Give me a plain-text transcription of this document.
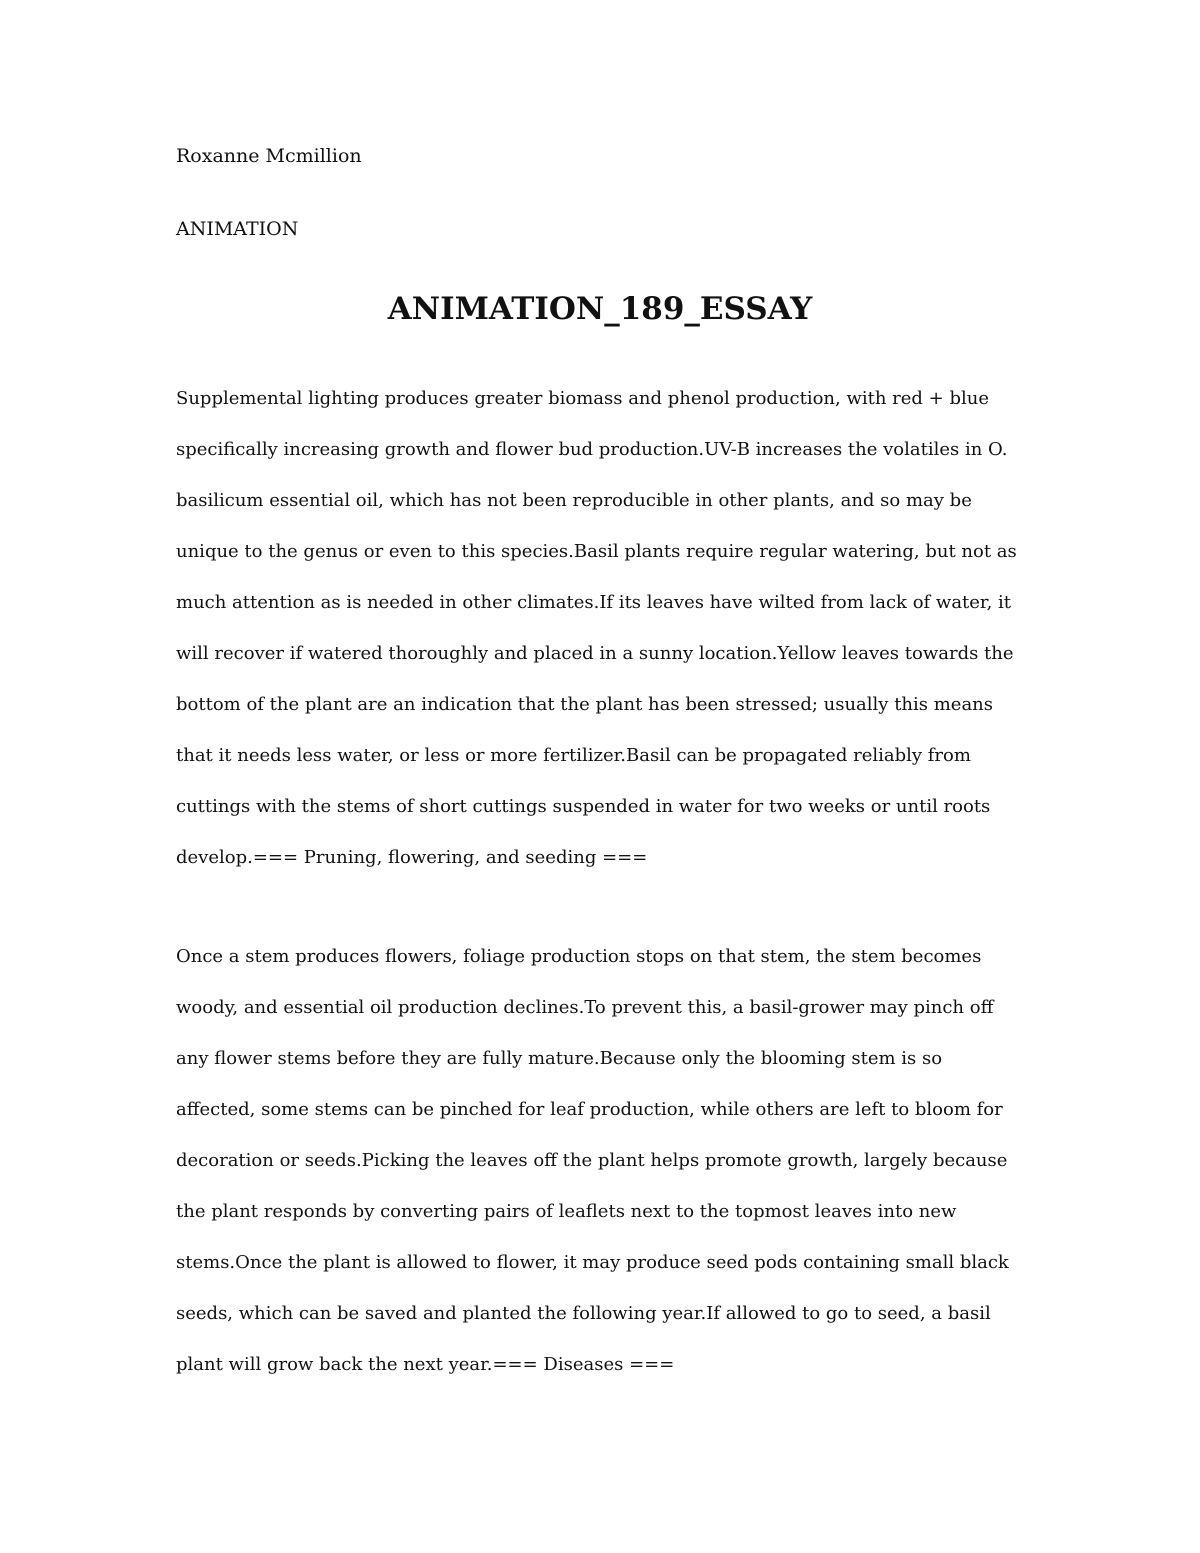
Roxanne Mcmillion
ANIMATION
ANIMATION_189_ESSAY
Supplemental lighting produces greater biomass and phenol production, with red + blue
specifically increasing growth and flower bud production.UV-B increases the volatiles in O.
basilicum essential oil, which has not been reproducible in other plants, and so may be
unique to the genus or even to this species.Basil plants require regular watering, but not as
much attention as is needed in other climates.If its leaves have wilted from lack of water, it
will recover if watered thoroughly and placed in a sunny location.Yellow leaves towards the
bottom of the plant are an indication that the plant has been stressed; usually this means
that it needs less water, or less or more fertilizer.Basil can be propagated reliably from
cuttings with the stems of short cuttings suspended in water for two weeks or until roots
develop.=== Pruning, flowering, and seeding ===
Once a stem produces flowers, foliage production stops on that stem, the stem becomes
woody, and essential oil production declines.To prevent this, a basil-grower may pinch off
any flower stems before they are fully mature.Because only the blooming stem is so
affected, some stems can be pinched for leaf production, while others are left to bloom for
decoration or seeds.Picking the leaves off the plant helps promote growth, largely because
the plant responds by converting pairs of leaflets next to the topmost leaves into new
stems.Once the plant is allowed to flower, it may produce seed pods containing small black
seeds, which can be saved and planted the following year.If allowed to go to seed, a basil
plant will grow back the next year.=== Diseases ===
